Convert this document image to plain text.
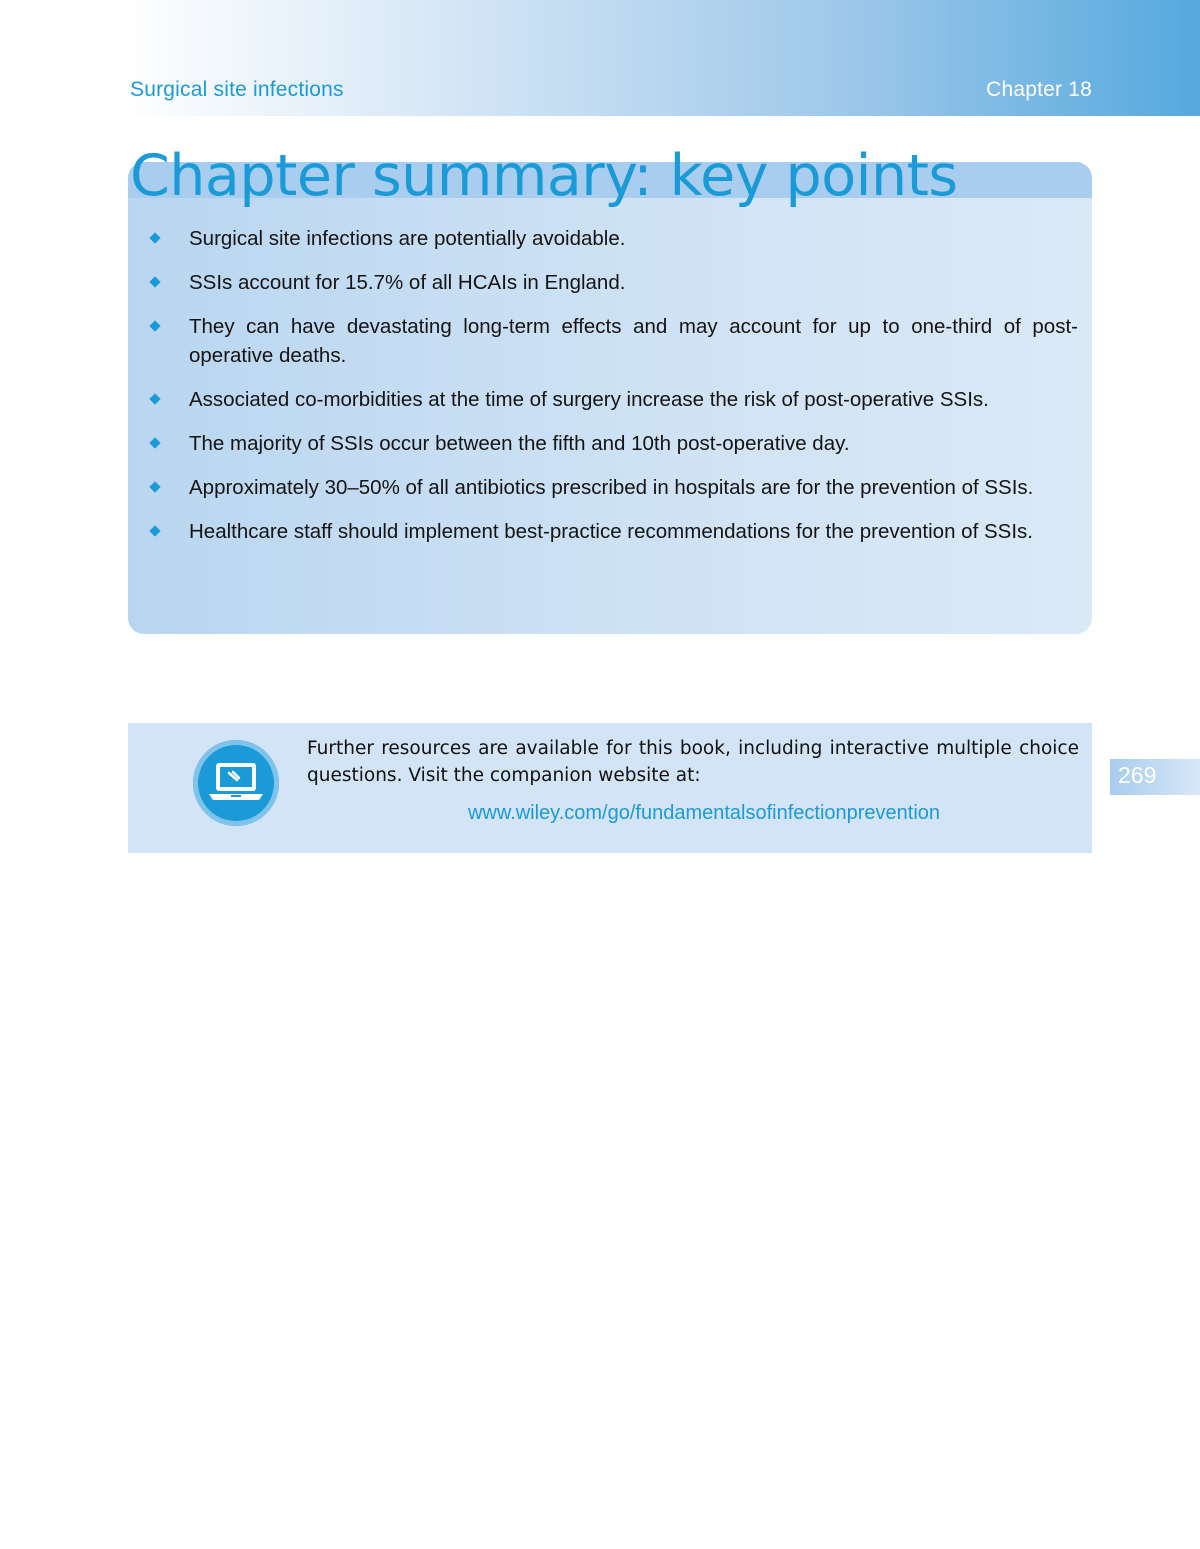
Surgical site infections	Chapter 18
Chapter summary: key points
Surgical site infections are potentially avoidable.
SSIs account for 15.7% of all HCAIs in England.
They can have devastating long-term effects and may account for up to one-third of post-operative deaths.
Associated co-morbidities at the time of surgery increase the risk of post-operative SSIs.
The majority of SSIs occur between the fifth and 10th post-operative day.
Approximately 30–50% of all antibiotics prescribed in hospitals are for the prevention of SSIs.
Healthcare staff should implement best-practice recommendations for the prevention of SSIs.
Further resources are available for this book, including interactive multiple choice questions. Visit the companion website at:
www.wiley.com/go/fundamentalsofinfectionprevention
269
